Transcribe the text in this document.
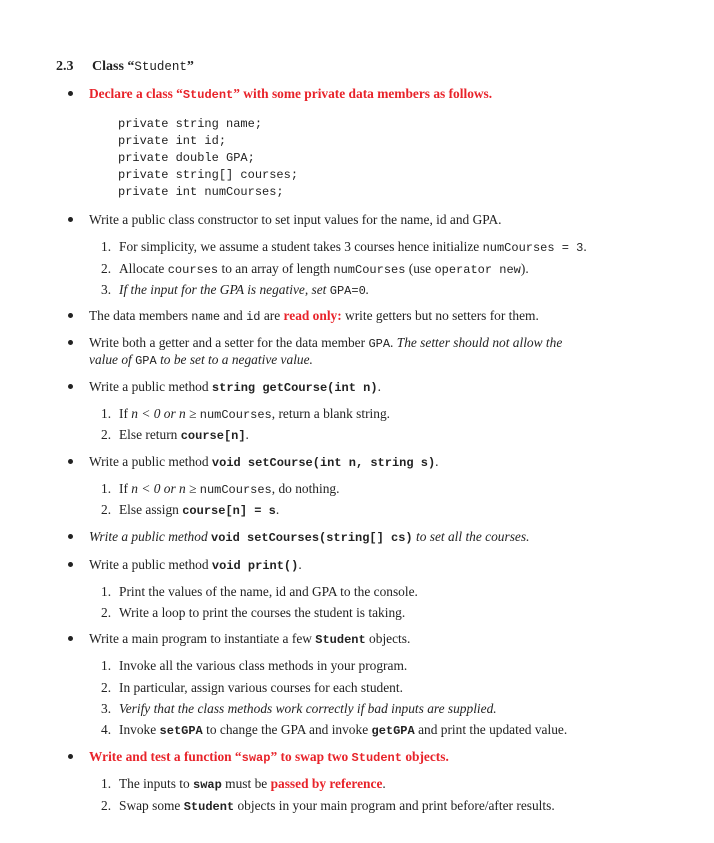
2.3 Class “Student”
Declare a class “Student” with some private data members as follows.
private string name;
private int id;
private double GPA;
private string[] courses;
private int numCourses;
Write a public class constructor to set input values for the name, id and GPA.
1. For simplicity, we assume a student takes 3 courses hence initialize numCourses = 3.
2. Allocate courses to an array of length numCourses (use operator new).
3. If the input for the GPA is negative, set GPA=0.
The data members name and id are read only: write getters but no setters for them.
Write both a getter and a setter for the data member GPA. The setter should not allow the
value of GPA to be set to a negative value.
Write a public method string getCourse(int n).
1. If n < 0 or n ≥ numCourses, return a blank string.
2. Else return course[n].
Write a public method void setCourse(int n, string s).
1. If n < 0 or n ≥ numCourses, do nothing.
2. Else assign course[n] = s.
Write a public method void setCourses(string[] cs) to set all the courses.
Write a public method void print().
1. Print the values of the name, id and GPA to the console.
2. Write a loop to print the courses the student is taking.
Write a main program to instantiate a few Student objects.
1. Invoke all the various class methods in your program.
2. In particular, assign various courses for each student.
3. Verify that the class methods work correctly if bad inputs are supplied.
4. Invoke setGPA to change the GPA and invoke getGPA and print the updated value.
Write and test a function “swap” to swap two Student objects.
1. The inputs to swap must be passed by reference.
2. Swap some Student objects in your main program and print before/after results.
